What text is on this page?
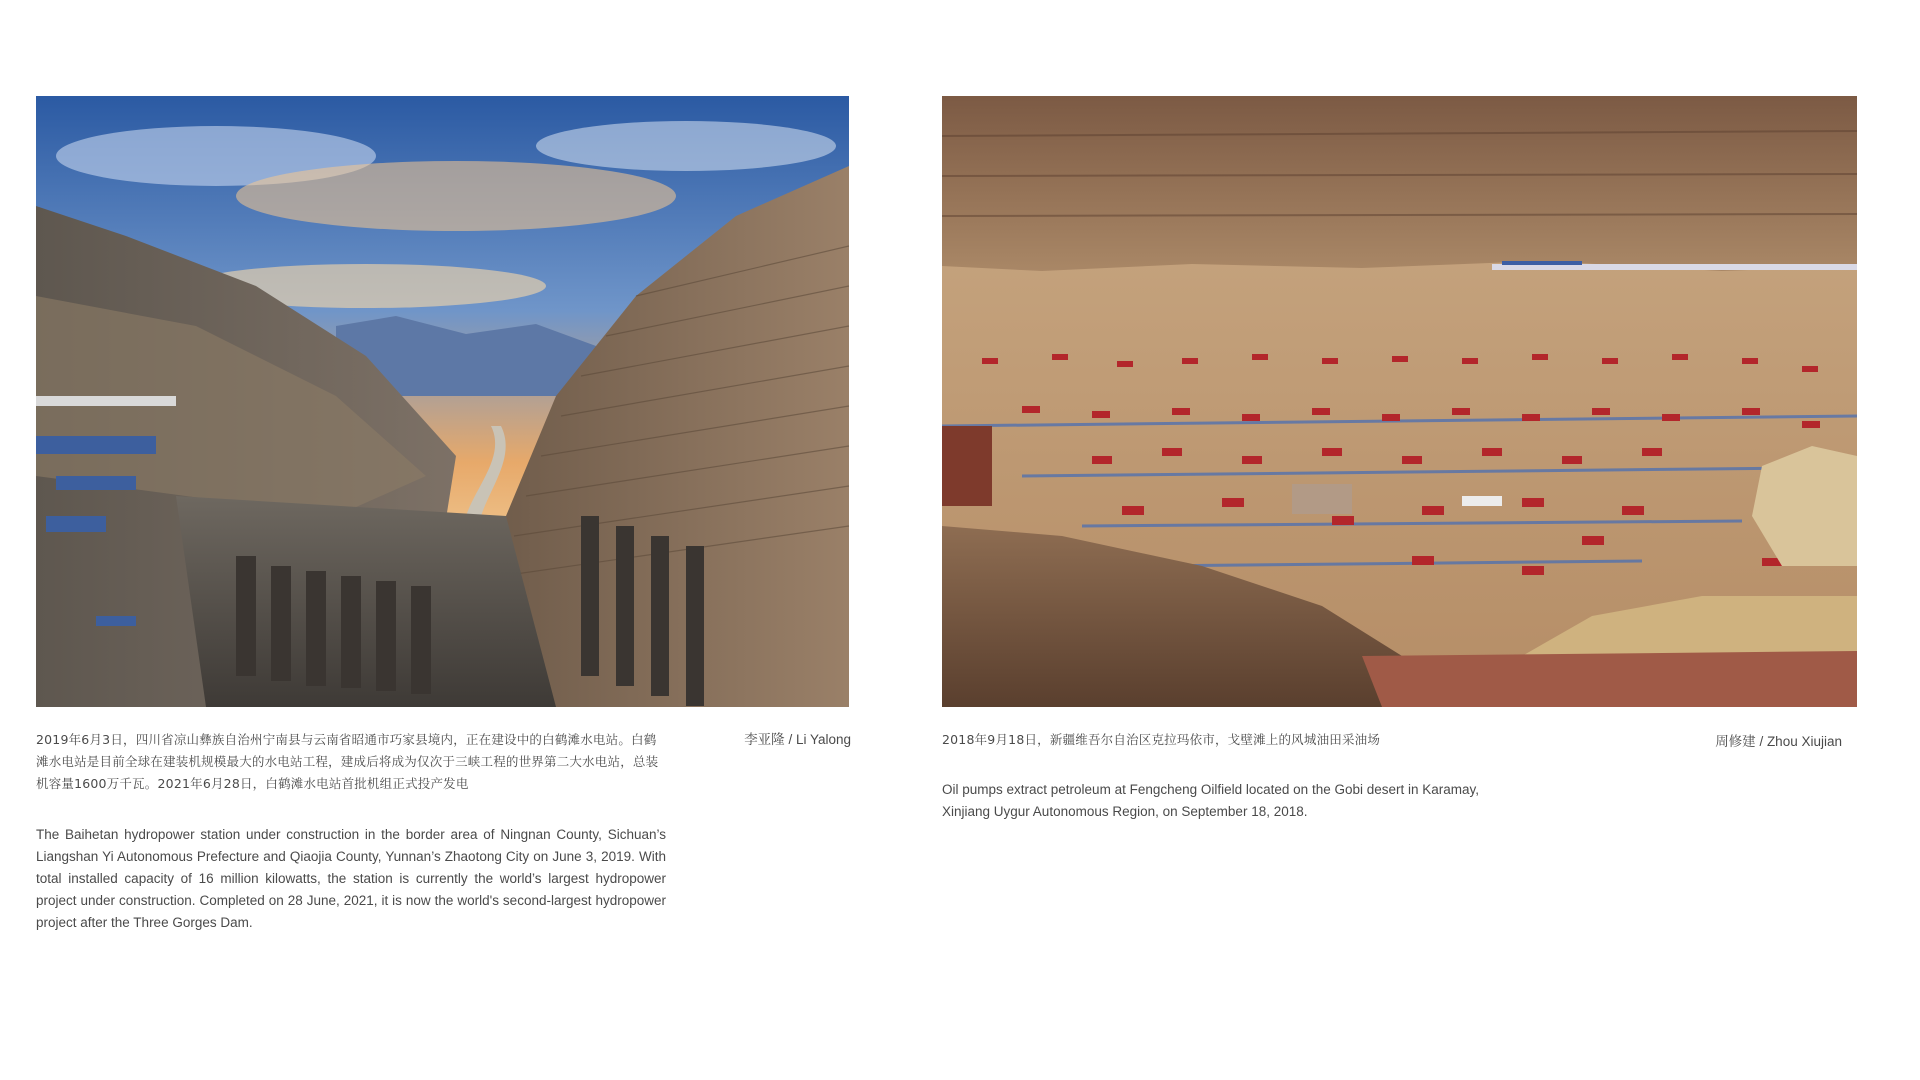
2019年6月3日，四川省凉山彝族自治州宁南县与云南省昭通市巧家县境内，正在建设中的白鹤滩水电站。白鹤滩水电站是目前全球在建装机规模最大的水电站工程，建成后将成为仅次于三峡工程的世界第二大水电站，总装机容量1600万千瓦。2021年6月28日，白鹤滩水电站首批机组正式投产发电

李亚隆 / Li Yalong

The Baihetan hydropower station under construction in the border area of Ningnan County, Sichuan’s Liangshan Yi Autonomous Prefecture and Qiaojia County, Yunnan’s Zhaotong City on June 3, 2019. With total installed capacity of 16 million kilowatts, the station is currently the world’s largest hydropower project under construction. Completed on 28 June, 2021, it is now the world's second-largest hydropower project after the Three Gorges Dam.

2018年9月18日，新疆维吾尔自治区克拉玛依市，戈壁滩上的风城油田采油场	周修建 / Zhou Xiujian

Oil pumps extract petroleum at Fengcheng Oilfield located on the Gobi desert in Karamay, Xinjiang Uygur Autonomous Region, on September 18, 2018.
